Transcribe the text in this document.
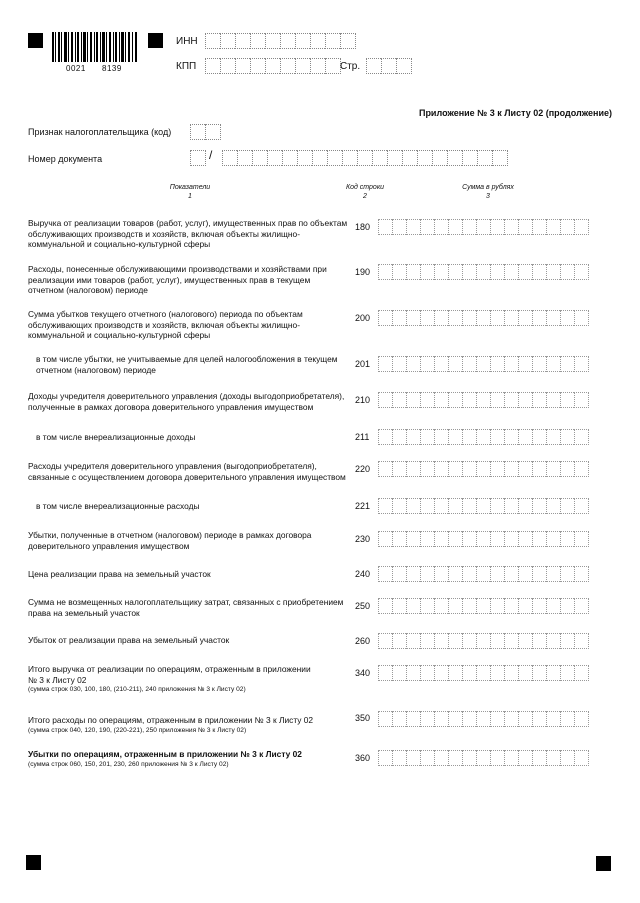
0021 8139
ИНН
КПП	Стр.
Приложение № 3 к Листу 02 (продолжение)
Признак налогоплательщика (код)
Номер документа	/
Показатели
1
Код строки
2
Сумма в рублях
3
Выручка от реализации товаров (работ, услуг), имущественных прав по объектам обслуживающих производств и хозяйств, включая объекты жилищно-коммунальной и социально-культурной сферы
180
Расходы, понесенные обслуживающими производствами и хозяйствами при реализации ими товаров (работ, услуг), имущественных прав в текущем отчетном (налоговом) периоде
190
Сумма убытков текущего отчетного (налогового) периода по объектам обслуживающих производств и хозяйств, включая объекты жилищно-коммунальной и социально-культурной сферы
200
в том числе убытки, не учитываемые для целей налогообложения в текущем отчетном (налоговом) периоде
201
Доходы учредителя доверительного управления (доходы выгодоприобретателя), полученные в рамках договора доверительного управления имуществом
210
в том числе внереализационные доходы	211
Расходы учредителя доверительного управления (выгодоприобретателя), связанные с осуществлением договора доверительного управления имуществом
220
в том числе внереализационные расходы	221
Убытки, полученные в отчетном (налоговом) периоде в рамках договора доверительного управления имуществом
230
Цена реализации права на земельный участок	240
Сумма не возмещенных налогоплательщику затрат, связанных с приобретением права на земельный участок
250
Убыток от реализации права на земельный участок	260
Итого выручка от реализации по операциям, отраженным в приложении № 3 к Листу 02
(сумма строк 030, 100, 180, (210-211), 240 приложения № 3 к Листу 02)
340
Итого расходы по операциям, отраженным в приложении № 3 к Листу 02
(сумма строк 040, 120, 190, (220-221), 250 приложения № 3 к Листу 02)
350
Убытки по операциям, отраженным в приложении № 3 к Листу 02
(сумма строк 060, 150, 201, 230, 260 приложения № 3 к Листу 02)
360
